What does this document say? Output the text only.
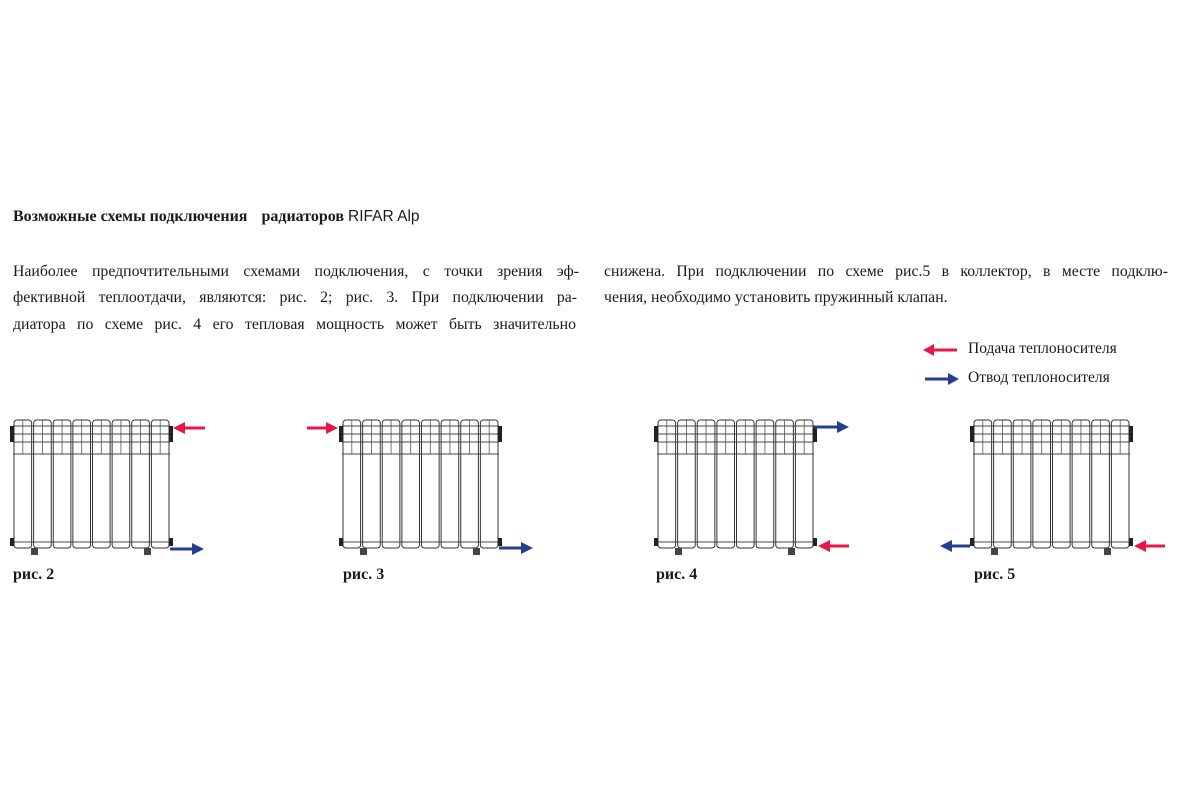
Возможные схемы подключения радиаторов RIFAR Alp
Наиболее предпочтительными схемами подключения, с точки зрения эф-
фективной теплоотдачи, являются: рис. 2; рис. 3. При подключении ра-
диатора по схеме рис. 4 его тепловая мощность может быть значительно
снижена. При подключении по схеме рис.5 в коллектор, в месте подклю-
чения, необходимо установить пружинный клапан.
Подача теплоносителя
Отвод теплоносителя
рис. 2	рис. 3	рис. 4	рис. 5
